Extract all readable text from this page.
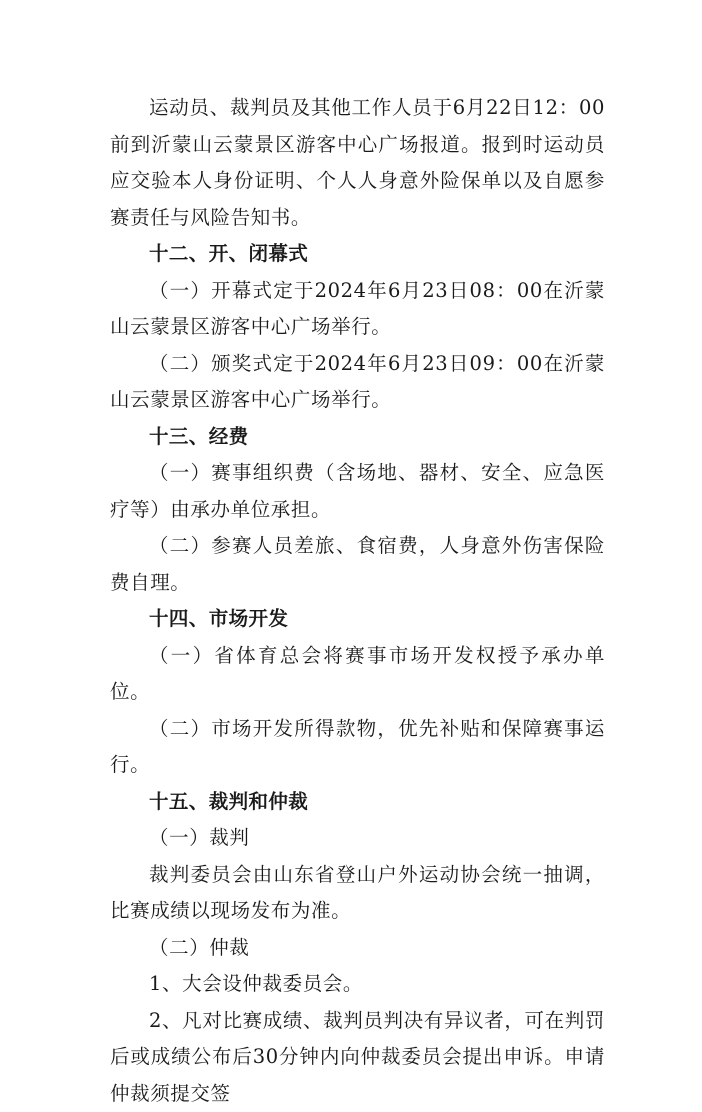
运动员、裁判员及其他工作人员于6月22日12：00前到沂蒙山云蒙景区游客中心广场报道。报到时运动员应交验本人身份证明、个人人身意外险保单以及自愿参赛责任与风险告知书。

十二、开、闭幕式

（一）开幕式定于2024年6月23日08：00在沂蒙山云蒙景区游客中心广场举行。

（二）颁奖式定于2024年6月23日09：00在沂蒙山云蒙景区游客中心广场举行。

十三、经费

（一）赛事组织费（含场地、器材、安全、应急医疗等）由承办单位承担。

（二）参赛人员差旅、食宿费，人身意外伤害保险费自理。

十四、市场开发

（一）省体育总会将赛事市场开发权授予承办单位。

（二）市场开发所得款物，优先补贴和保障赛事运行。

十五、裁判和仲裁

（一）裁判

裁判委员会由山东省登山户外运动协会统一抽调，比赛成绩以现场发布为准。

（二）仲裁

1、大会设仲裁委员会。

2、凡对比赛成绩、裁判员判决有异议者，可在判罚后或成绩公布后30分钟内向仲裁委员会提出申诉。申请仲裁须提交签
